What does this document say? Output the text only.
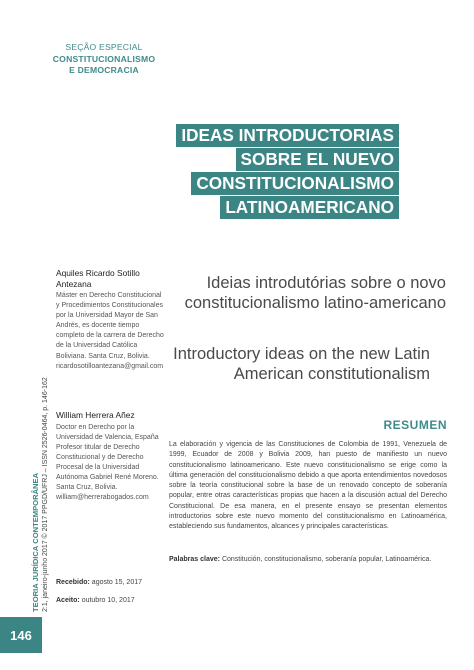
SEÇÃO ESPECIAL
CONSTITUCIONALISMO
E DEMOCRACIA
IDEAS INTRODUCTORIAS
SOBRE EL NUEVO
CONSTITUCIONALISMO
LATINOAMERICANO
Aquiles Ricardo Sotillo Antezana
Máster en Derecho Constitucional y Procedimientos Constitucionales por la Universidad Mayor de San Andrés, es docente tiempo completo de la carrera de Derecho de la Universidad Católica Boliviana. Santa Cruz, Bolivia. ricardosotilloantezana@gmail.com
William Herrera Añez
Doctor en Derecho por la Universidad de Valencia, España Profesor titular de Derecho Constitucional y de Derecho Procesal de la Universidad Autónoma Gabriel René Moreno. Santa Cruz, Bolivia. william@herrerabogados.com
Ideias introdutórias sobre o novo constitucionalismo latino-americano
Introductory ideas on the new Latin American constitutionalism
RESUMEN
La elaboración y vigencia de las Constituciones de Colombia de 1991, Venezuela de 1999, Ecuador de 2008 y Bolivia 2009, han puesto de manifiesto un nuevo constitucionalismo latinoamericano. Este nuevo constitucionalismo se erige como la última generación del constitucionalismo debido a que aporta entendimientos novedosos sobre la teoría constitucional sobre la base de un renovado concepto de soberanía popular, entre otras características propias que hacen a la discusión actual del Derecho Constitucional. De esa manera, en el presente ensayo se presentan elementos introductorios sobre este nuevo momento del constitucionalismo en Latinoamérica, estableciendo sus fundamentos, alcances y principales características.
Palabras clave: Constitución, constitucionalismo, soberanía popular, Latinoamérica.
Recebido: agosto 15, 2017
Aceito: outubro 10, 2017
TEORIA JURÍDICA CONTEMPORÂNEA 2:1, janeiro-junho 2017 © 2017 PPGD/UFRJ – ISSN 2526-0464, p. 146-162
146
